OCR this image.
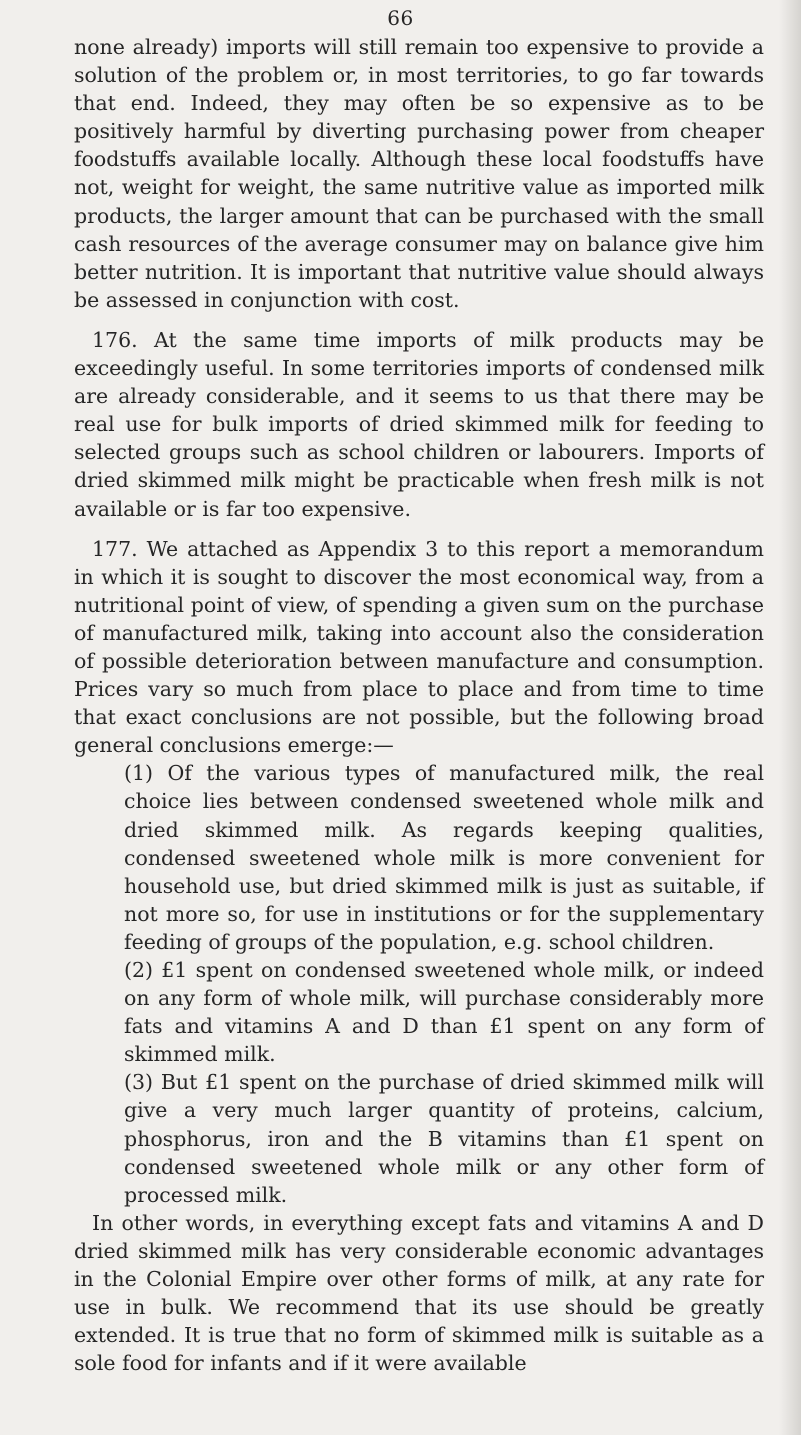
66

none already) imports will still remain too expensive to provide a solution of the problem or, in most territories, to go far towards that end. Indeed, they may often be so expensive as to be positively harmful by diverting purchasing power from cheaper foodstuffs available locally. Although these local foodstuffs have not, weight for weight, the same nutritive value as imported milk products, the larger amount that can be purchased with the small cash resources of the average consumer may on balance give him better nutrition. It is important that nutritive value should always be assessed in conjunction with cost.

176. At the same time imports of milk products may be exceedingly useful. In some territories imports of condensed milk are already considerable, and it seems to us that there may be real use for bulk imports of dried skimmed milk for feeding to selected groups such as school children or labourers. Imports of dried skimmed milk might be practicable when fresh milk is not available or is far too expensive.

177. We attached as Appendix 3 to this report a memorandum in which it is sought to discover the most economical way, from a nutritional point of view, of spending a given sum on the purchase of manufactured milk, taking into account also the consideration of possible deterioration between manufacture and consumption. Prices vary so much from place to place and from time to time that exact conclusions are not possible, but the following broad general conclusions emerge:—

(1) Of the various types of manufactured milk, the real choice lies between condensed sweetened whole milk and dried skimmed milk. As regards keeping qualities, condensed sweetened whole milk is more convenient for household use, but dried skimmed milk is just as suitable, if not more so, for use in institutions or for the supplementary feeding of groups of the population, e.g. school children.

(2) £1 spent on condensed sweetened whole milk, or indeed on any form of whole milk, will purchase considerably more fats and vitamins A and D than £1 spent on any form of skimmed milk.

(3) But £1 spent on the purchase of dried skimmed milk will give a very much larger quantity of proteins, calcium, phosphorus, iron and the B vitamins than £1 spent on condensed sweetened whole milk or any other form of processed milk.

In other words, in everything except fats and vitamins A and D dried skimmed milk has very considerable economic advantages in the Colonial Empire over other forms of milk, at any rate for use in bulk. We recommend that its use should be greatly extended. It is true that no form of skimmed milk is suitable as a sole food for infants and if it were available
